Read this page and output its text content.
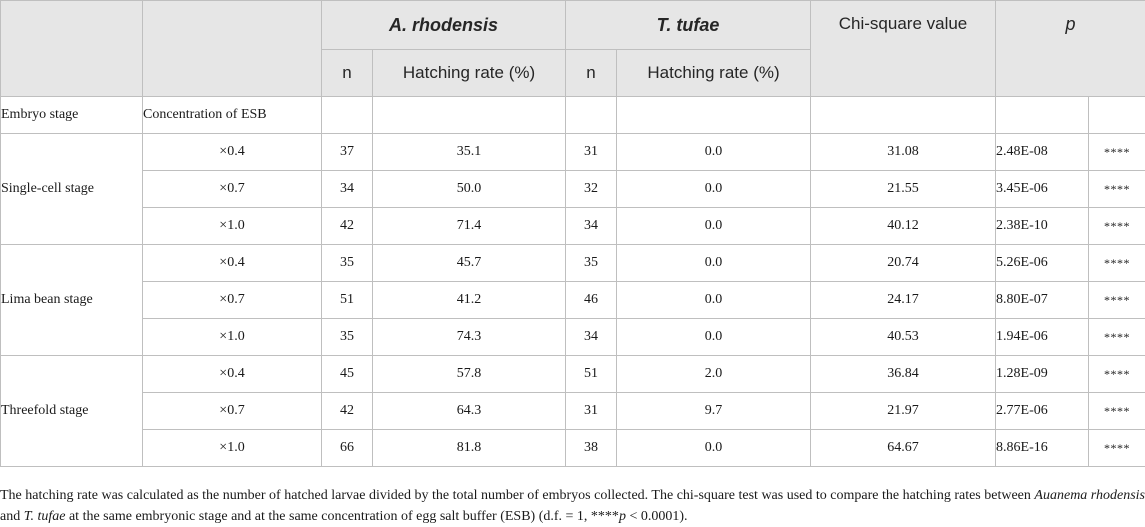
		A. rhodensis		T. tufae		Chi-square value	p	
		n	Hatching rate (%)	n	Hatching rate (%)			
Embryo stage	Concentration of ESB							
Single-cell stage	×0.4	37	35.1	31	0.0	31.08	2.48E-08	****
	×0.7	34	50.0	32	0.0	21.55	3.45E-06	****
	×1.0	42	71.4	34	0.0	40.12	2.38E-10	****
Lima bean stage	×0.4	35	45.7	35	0.0	20.74	5.26E-06	****
	×0.7	51	41.2	46	0.0	24.17	8.80E-07	****
	×1.0	35	74.3	34	0.0	40.53	1.94E-06	****
Threefold stage	×0.4	45	57.8	51	2.0	36.84	1.28E-09	****
	×0.7	42	64.3	31	9.7	21.97	2.77E-06	****
	×1.0	66	81.8	38	0.0	64.67	8.86E-16	****
The hatching rate was calculated as the number of hatched larvae divided by the total number of embryos collected. The chi-square test was used to compare the hatching rates between Auanema rhodensis and T. tufae at the same embryonic stage and at the same concentration of egg salt buffer (ESB) (d.f. = 1, ****p < 0.0001).
